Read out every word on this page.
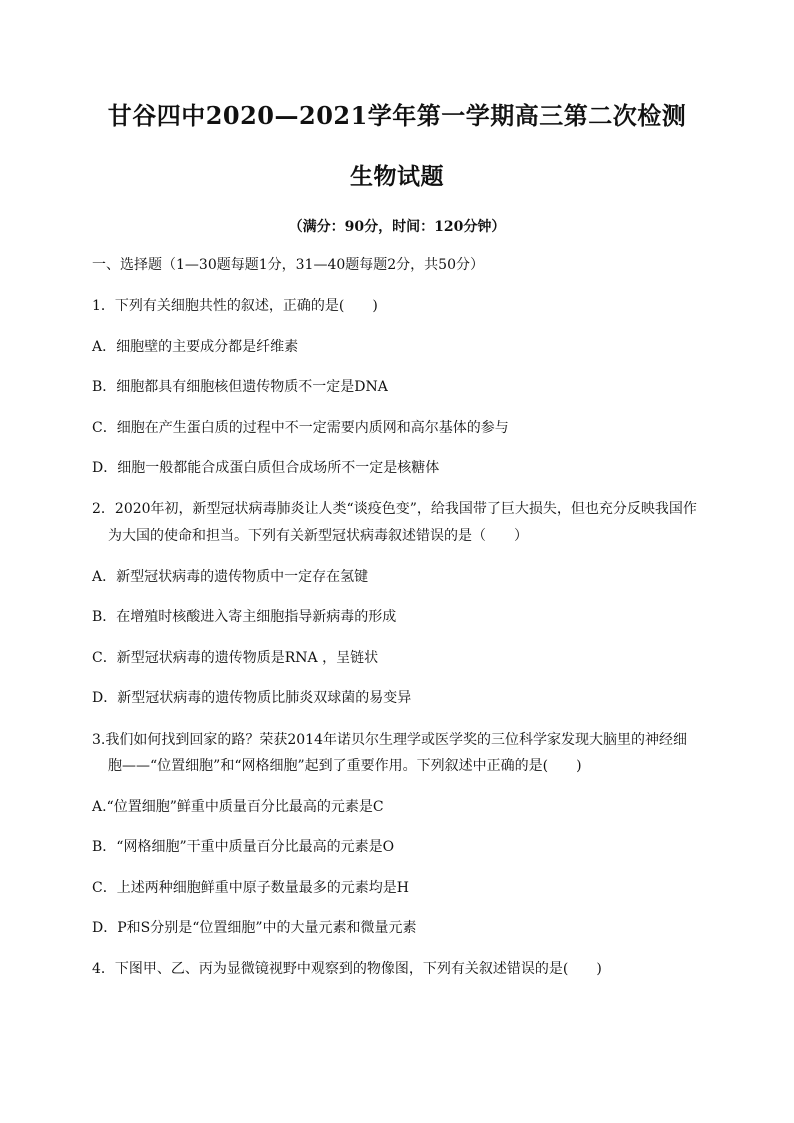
甘谷四中2020—2021学年第一学期高三第二次检测
生物试题
（满分：90分，时间：120分钟）
一、选择题（1—30题每题1分，31—40题每题2分，共50分）
1．下列有关细胞共性的叙述，正确的是(　　)
A．细胞壁的主要成分都是纤维素
B．细胞都具有细胞核但遗传物质不一定是DNA
C．细胞在产生蛋白质的过程中不一定需要内质网和高尔基体的参与
D．细胞一般都能合成蛋白质但合成场所不一定是核糖体
2．2020年初，新型冠状病毒肺炎让人类“谈疫色变”，给我国带了巨大损失，但也充分反映我国作
为大国的使命和担当。下列有关新型冠状病毒叙述错误的是（　　）
A．新型冠状病毒的遗传物质中一定存在氢键
B．在增殖时核酸进入寄主细胞指导新病毒的形成
C．新型冠状病毒的遗传物质是RNA ，呈链状
D．新型冠状病毒的遗传物质比肺炎双球菌的易变异
3.我们如何找到回家的路？荣获2014年诺贝尔生理学或医学奖的三位科学家发现大脑里的神经细
胞——“位置细胞”和“网格细胞”起到了重要作用。下列叙述中正确的是(　　)
A.“位置细胞”鲜重中质量百分比最高的元素是C
B．“网格细胞”干重中质量百分比最高的元素是O
C．上述两种细胞鲜重中原子数量最多的元素均是H
D．P和S分别是“位置细胞”中的大量元素和微量元素
4．下图甲、乙、丙为显微镜视野中观察到的物像图，下列有关叙述错误的是(　　)
